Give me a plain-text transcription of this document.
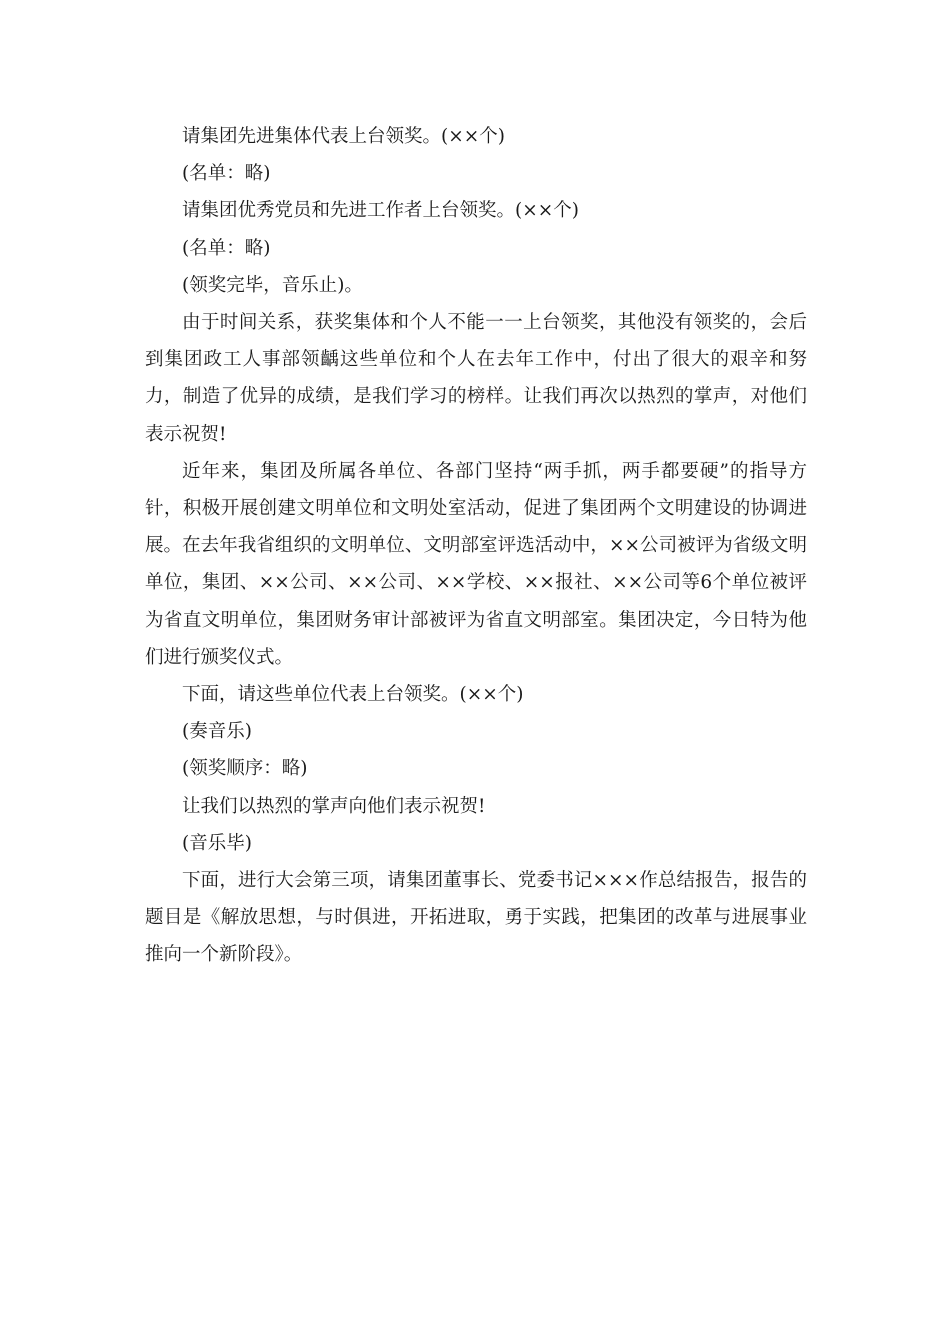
请集团先进集体代表上台领奖。(××个)

(名单：略)

请集团优秀党员和先进工作者上台领奖。(××个)

(名单：略)

(领奖完毕，音乐止)。

由于时间关系，获奖集体和个人不能一一上台领奖，其他没有领奖的，会后到集团政工人事部领齲这些单位和个人在去年工作中，付出了很大的艰辛和努力，制造了优异的成绩，是我们学习的榜样。让我们再次以热烈的掌声，对他们表示祝贺!

近年来，集团及所属各单位、各部门坚持“两手抓，两手都要硬”的指导方针，积极开展创建文明单位和文明处室活动，促进了集团两个文明建设的协调进展。在去年我省组织的文明单位、文明部室评选活动中，××公司被评为省级文明单位，集团、××公司、××公司、××学校、××报社、××公司等6个单位被评为省直文明单位，集团财务审计部被评为省直文明部室。集团决定，今日特为他们进行颁奖仪式。

下面，请这些单位代表上台领奖。(××个)

(奏音乐)

(领奖顺序：略)

让我们以热烈的掌声向他们表示祝贺!

(音乐毕)

下面，进行大会第三项，请集团董事长、党委书记×××作总结报告，报告的题目是《解放思想，与时俱进，开拓进取，勇于实践，把集团的改革与进展事业推向一个新阶段》。
